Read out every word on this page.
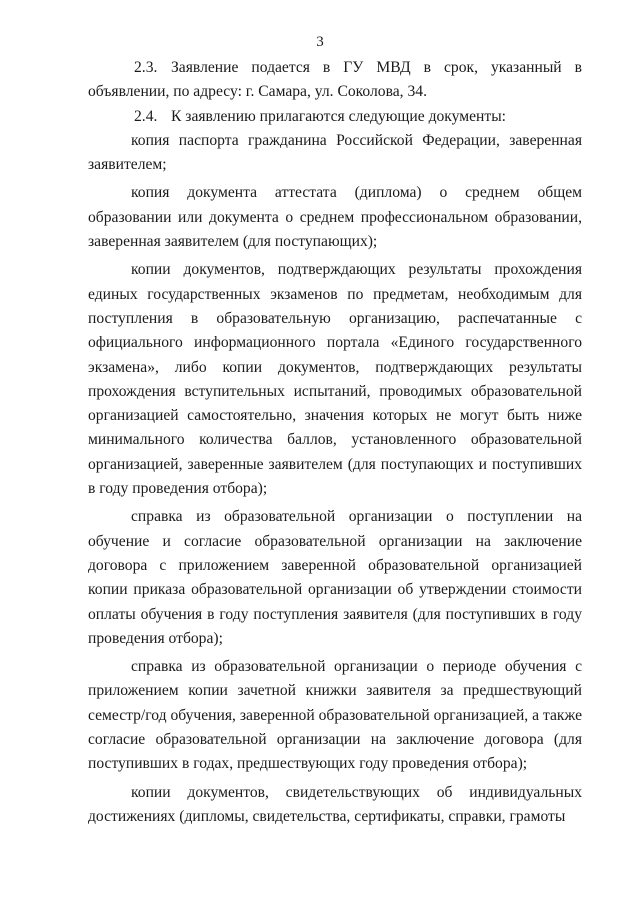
3

2.3. Заявление подается в ГУ МВД в срок, указанный в объявлении, по адресу: г. Самара, ул. Соколова, 34.

2.4. К заявлению прилагаются следующие документы:

копия паспорта гражданина Российской Федерации, заверенная заявителем;

копия документа аттестата (диплома) о среднем общем образовании или документа о среднем профессиональном образовании, заверенная заявителем (для поступающих);

копии документов, подтверждающих результаты прохождения единых государственных экзаменов по предметам, необходимым для поступления в образовательную организацию, распечатанные с официального информационного портала «Единого государственного экзамена», либо копии документов, подтверждающих результаты прохождения вступительных испытаний, проводимых образовательной организацией самостоятельно, значения которых не могут быть ниже минимального количества баллов, установленного образовательной организацией, заверенные заявителем (для поступающих и поступивших в году проведения отбора);

справка из образовательной организации о поступлении на обучение и согласие образовательной организации на заключение договора с приложением заверенной образовательной организацией копии приказа образовательной организации об утверждении стоимости оплаты обучения в году поступления заявителя (для поступивших в году проведения отбора);

справка из образовательной организации о периоде обучения с приложением копии зачетной книжки заявителя за предшествующий семестр/год обучения, заверенной образовательной организацией, а также согласие образовательной организации на заключение договора (для поступивших в годах, предшествующих году проведения отбора);

копии документов, свидетельствующих об индивидуальных достижениях (дипломы, свидетельства, сертификаты, справки, грамоты
